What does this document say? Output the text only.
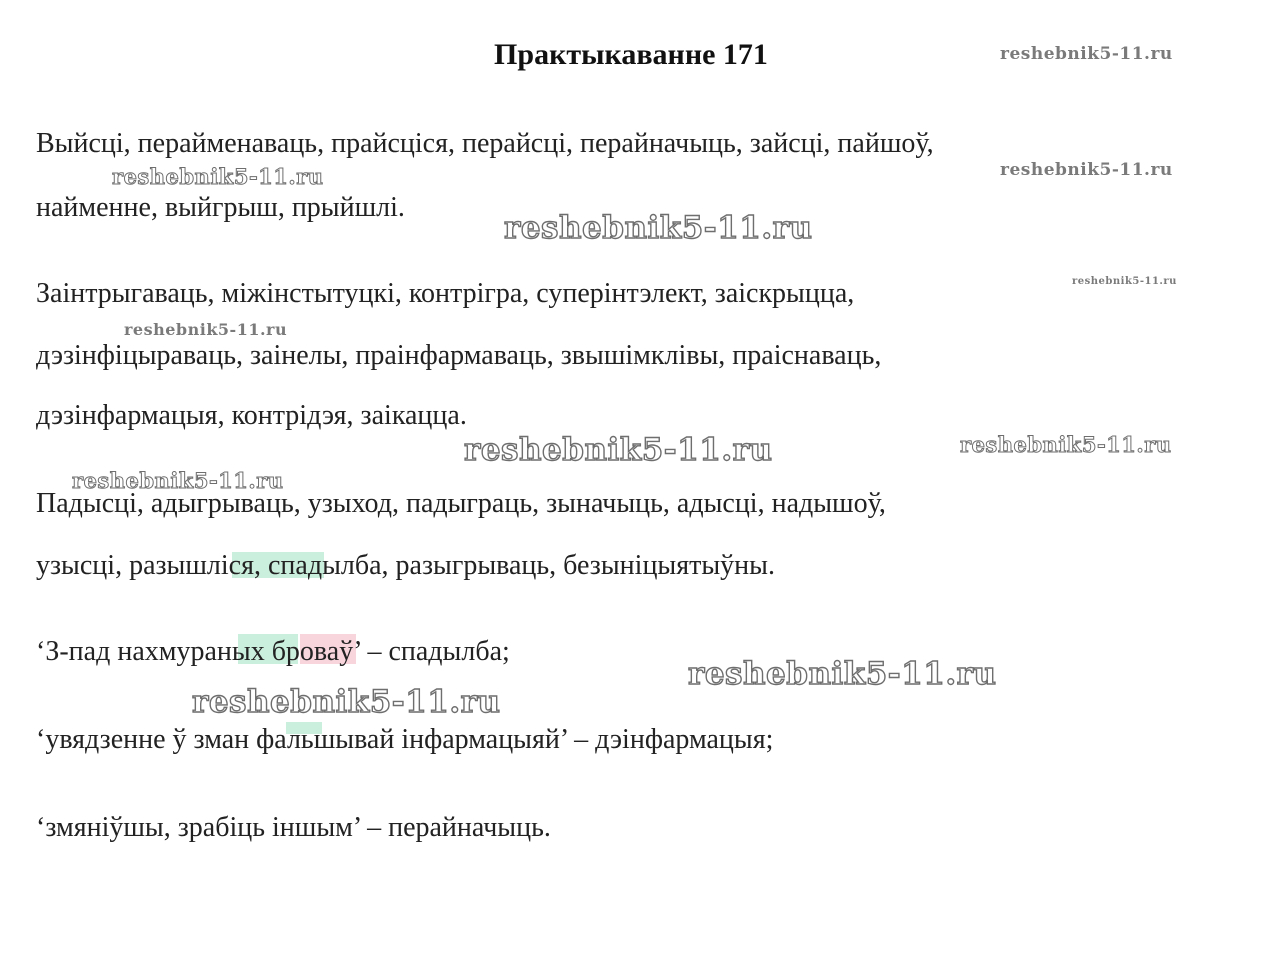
Практыкаванне 171
Выйсці, перайменаваць, прайсціся, перайсці, перайначыць, зайсці, пайшоў,
найменне, выйгрыш, прыйшлі.
Заінтрыгаваць, міжінстытуцкі, контрігра, суперінтэлект, заіскрыцца,
дэзінфіцыраваць, заінелы, праінфармаваць, звышімклівы, праіснаваць,
дэзінфармацыя, контрідэя, заікацца.
Падысці, адыгрываць, узыход, падыграць, зыначыць, адысці, надышоў,
узысці, разышліся, спадылба, разыгрываць, безыніцыятыўны.
‘З-пад нахмураных броваў’ – спадылба;
‘увядзенне ў зман фальшывай інфармацыяй’ – дэінфармацыя;
‘змяніўшы, зрабіць іншым’ – перайначыць.
reshebnik5-11.ru
reshebnik5-11.ru	reshebnik5-11.ru
reshebnik5-11.ru
reshebnik5-11.ru
reshebnik5-11.ru
reshebnik5-11.ru	reshebnik5-11.ru
reshebnik5-11.ru
reshebnik5-11.ru
reshebnik5-11.ru
